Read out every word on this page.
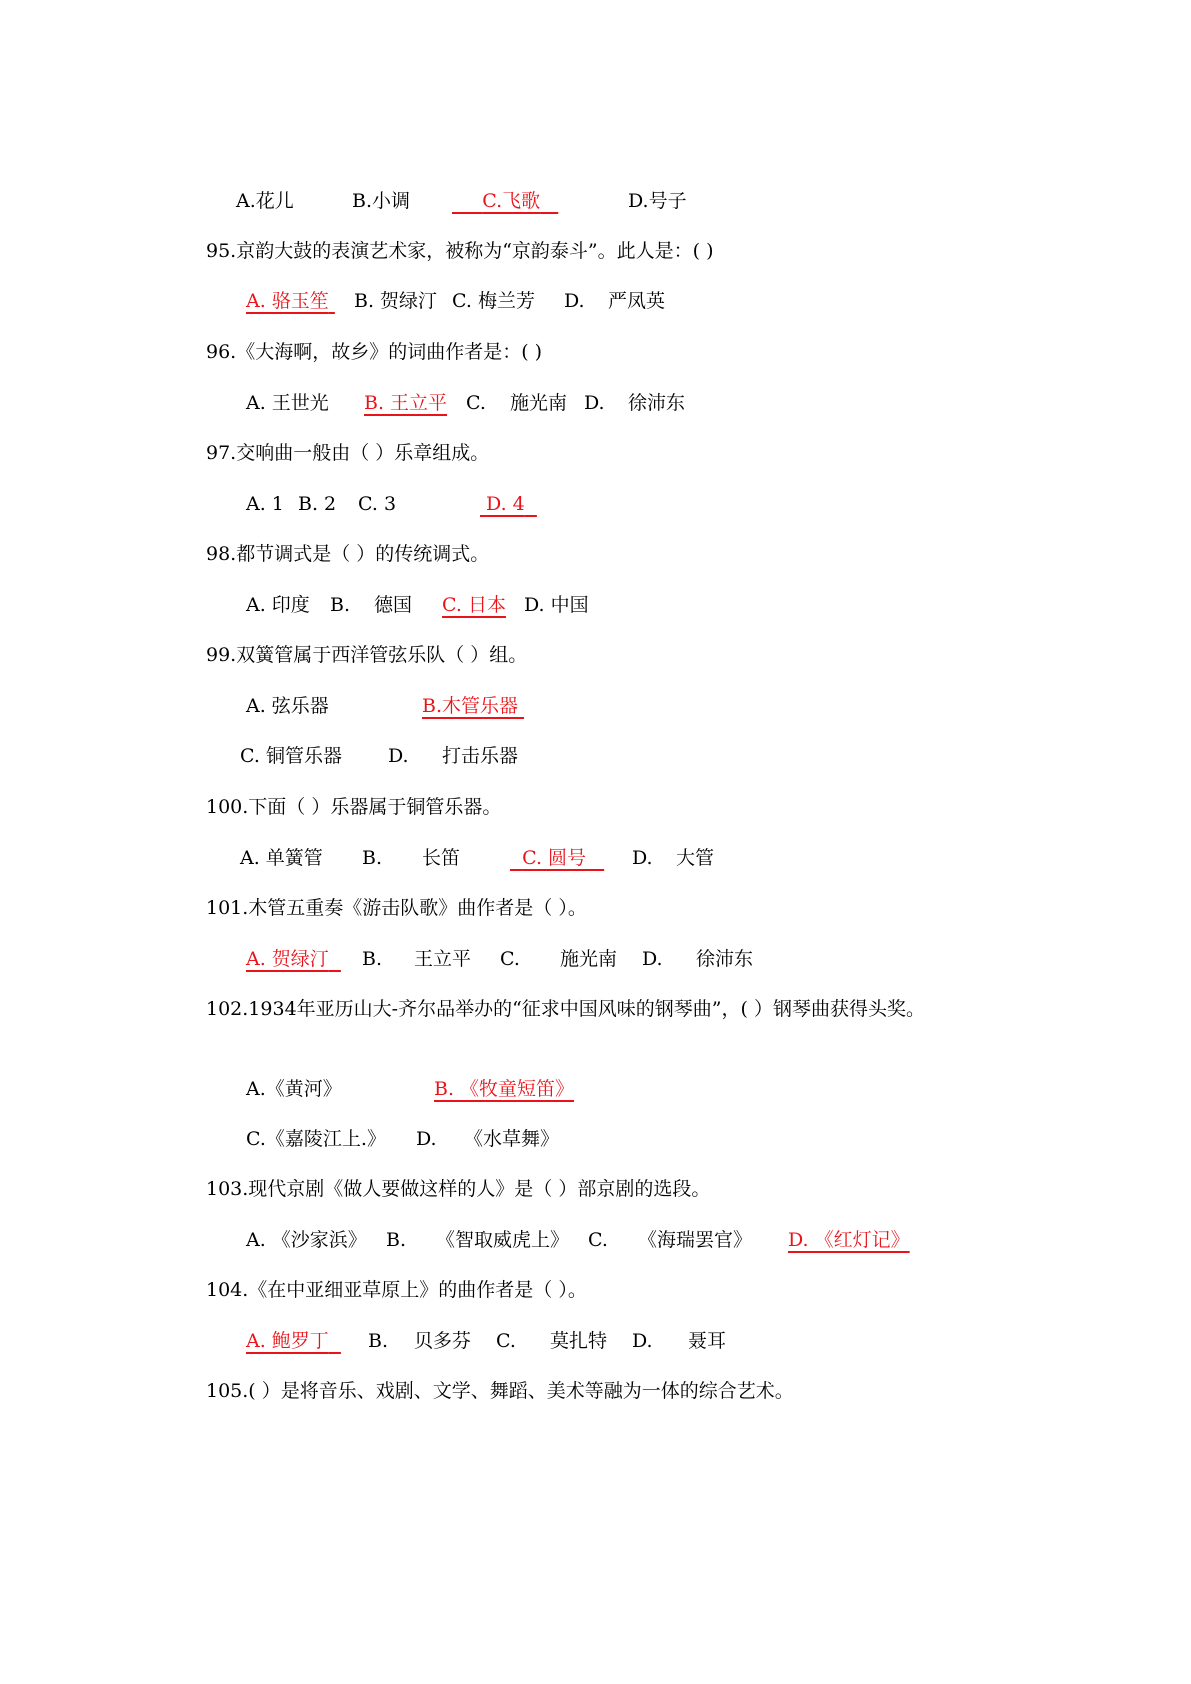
A.花儿	B.小调	C.飞歌	D.号子
95.京韵大鼓的表演艺术家，被称为“京韵泰斗”。此人是：( )
A. 骆玉笙	B. 贺绿汀 C. 梅兰芳 D. 严凤英
96.《大海啊，故乡》的词曲作者是：( )
A. 王世光 B. 王立平 C. 施光南 D. 徐沛东
97.交响曲一般由（ ）乐章组成。
A. 1 B. 2 C. 3	D. 4
98.都节调式是（ ）的传统调式。
A. 印度 B. 德国 C. 日本 D. 中国
99.双簧管属于西洋管弦乐队（ ）组。
A. 弦乐器	B.木管乐器
C. 铜管乐器 D. 打击乐器
100.下面（ ）乐器属于铜管乐器。
A. 单簧管 B. 长笛	C. 圆号	D. 大管
101.木管五重奏《游击队歌》曲作者是（ ）。
A. 贺绿汀	B. 王立平 C. 施光南 D. 徐沛东
102.1934年亚历山大-齐尔品举办的“征求中国风味的钢琴曲”，( ）钢琴曲获得头奖。
A.《黄河》	B. 《牧童短笛》
C.《嘉陵江上.》 D. 《水草舞》
103.现代京剧《做人要做这样的人》是（ ）部京剧的选段。
A. 《沙家浜》 B. 《智取威虎上》 C. 《海瑞罢官》 D. 《红灯记》
104.《在中亚细亚草原上》的曲作者是（ ）。
A. 鲍罗丁	B. 贝多芬 C. 莫扎特 D. 聂耳
105.( ）是将音乐、戏剧、文学、舞蹈、美术等融为一体的综合艺术。
